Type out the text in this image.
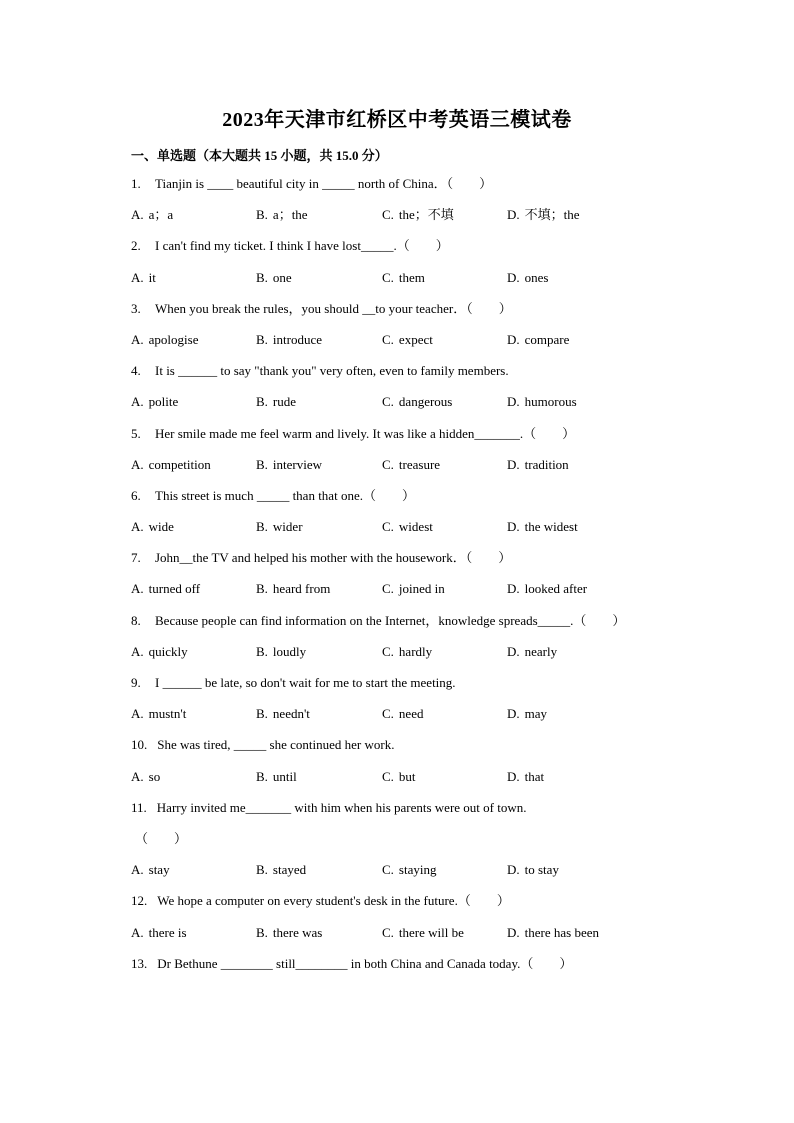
2023年天津市红桥区中考英语三模试卷
一、单选题（本大题共 15 小题，共 15.0 分）
1. Tianjin is ____ beautiful city in _____ north of China．（　　）
A. a；a	B. a；the	C. the；不填	D. 不填；the
2. I can't find my ticket. I think I have lost_____.（　　）
A. it	B. one	C. them	D. ones
3. When you break the rules，you should __to your teacher．（　　）
A. apologise	B. introduce	C. expect	D. compare
4. It is ______ to say "thank you" very often, even to family members.
A. polite	B. rude	C. dangerous	D. humorous
5. Her smile made me feel warm and lively. It was like a hidden_______.（　　）
A. competition	B. interview	C. treasure	D. tradition
6. This street is much _____ than that one.（　　）
A. wide	B. wider	C. widest	D. the widest
7. John__the TV and helped his mother with the housework．（　　）
A. turned off	B. heard from	C. joined in	D. looked after
8. Because people can find information on the Internet，knowledge spreads_____.（　　）
A. quickly	B. loudly	C. hardly	D. nearly
9. I ______ be late, so don't wait for me to start the meeting.
A. mustn't	B. needn't	C. need	D. may
10. She was tired, _____ she continued her work.
A. so	B. until	C. but	D. that
11. Harry invited me_______ with him when his parents were out of town.
（　　）
A. stay	B. stayed	C. staying	D. to stay
12. We hope a computer on every student's desk in the future.（　　）
A. there is	B. there was	C. there will be	D. there has been
13. Dr Bethune ________ still________ in both China and Canada today.（　　）
